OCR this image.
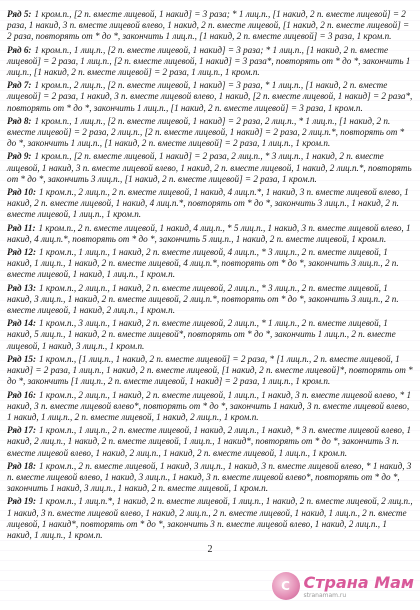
Ряд 5: 1 кром.п., [2 п. вместе лицевой, 1 накид] = 3 раза; * 1 лиц.п., [1 накид, 2 п. вместе лицевой] = 2 раза, 1 накид, 3 п. вместе лицевой влево, 1 накид, 2 п. вместе лицевой, [1 накид, 2 п. вместе лицевой] = 2 раза, повторять от * до *, закончить 1 лиц.п., [1 накид, 2 п. вместе лицевой] = 3 раза, 1 кром.п.
Ряд 6: 1 кром.п., 1 лиц.п., [2 п. вместе лицевой, 1 накид] = 3 раза; * 1 лиц.п., [1 накид, 2 п. вместе лицевой] = 2 раза, 1 лиц.п., [2 п. вместе лицевой, 1 накид] = 3 раза*, повторять от * до *, закончить 1 лиц.п., [1 накид, 2 п. вместе лицевой] = 2 раза, 1 лиц.п., 1 кром.п.
Ряд 7: 1 кром.п., 2 лиц.п., [2 п. вместе лицевой, 1 накид] = 3 раза, * 1 лиц.п., [1 накид, 2 п. вместе лицевой] = 2 раза, 1 накид, 3 п. вместе лицевой влево, 1 накид, [2 п. вместе лицевой, 1 накид] = 2 раза*, повторять от * до *, закончить 1 лиц.п., [1 накид, 2 п. вместе лицевой] = 3 раза, 1 кром.п.
Ряд 8: 1 кром.п., 1 лиц.п., [2 п. вместе лицевой, 1 накид] = 2 раза, 2 лиц.п., * 1 лиц.п., [1 накид, 2 п. вместе лицевой] = 2 раза, 2 лиц.п., [2 п. вместе лицевой, 1 накид] = 2 раза, 2 лиц.п.*, повторять от * до *, закончить 1 лиц.п., [1 накид, 2 п. вместе лицевой] = 2 раза, 1 лиц.п., 1 кром.п.
Ряд 9: 1 кром.п., [2 п. вместе лицевой, 1 накид] = 2 раза, 2 лиц.п., * 3 лиц.п., 1 накид, 2 п. вместе лицевой, 1 накид, 3 п. вместе лицевой влево, 1 накид, 2 п. вместе лицевой, 1 накид, 2 лиц.п.*, повторять от * до *, закончить 3 лиц.п., [1 накид, 2 п. вместе лицевой] = 2 раза, 1 кром.п.
Ряд 10: 1 кром.п., 2 лиц.п., 2 п. вместе лицевой, 1 накид, 4 лиц.п.*, 1 накид, 3 п. вместе лицевой влево, 1 накид, 2 п. вместе лицевой, 1 накид, 4 лиц.п.*, повторять от * до *, закончить 3 лиц.п., 1 накид, 2 п. вместе лицевой, 1 лиц.п., 1 кром.п.
Ряд 11: 1 кром.п., 2 п. вместе лицевой, 1 накид, 4 лиц.п., * 5 лиц.п., 1 накид, 3 п. вместе лицевой влево, 1 накид, 4 лиц.п.*, повторять от * до *, закончить 5 лиц.п., 1 накид, 2 п. вместе лицевой, 1 кром.п.
Ряд 12: 1 кром.п., 1 лиц.п., 1 накид, 2 п. вместе лицевой, 4 лиц.п., * 3 лиц.п., 2 п. вместе лицевой, 1 накид, 1 лиц.п., 1 накид, 2 п. вместе лицевой, 4 лиц.п.*, повторять от * до *, закончить 3 лиц.п., 2 п. вместе лицевой, 1 накид, 1 лиц.п., 1 кром.п.
Ряд 13: 1 кром.п., 2 лиц.п., 1 накид, 2 п. вместе лицевой, 2 лиц.п., * 3 лиц.п., 2 п. вместе лицевой, 1 накид, 3 лиц.п., 1 накид, 2 п. вместе лицевой, 2 лиц.п.*, повторять от * до *, закончить 3 лиц.п., 2 п. вместе лицевой, 1 накид, 2 лиц.п., 1 кром.п.
Ряд 14: 1 кром.п., 3 лиц.п., 1 накид, 2 п. вместе лицевой, 2 лиц.п., * 1 лиц.п., 2 п. вместе лицевой, 1 накид, 5 лиц.п., 1 накид, 2 п. вместе лицевой*, повторять от * до *, закончить 1 лиц.п., 2 п. вместе лицевой, 1 накид, 3 лиц.п., 1 кром.п.
Ряд 15: 1 кром.п., [1 лиц.п., 1 накид, 2 п. вместе лицевой] = 2 раза, * [1 лиц.п., 2 п. вместе лицевой, 1 накид] = 2 раза, 1 лиц.п., 1 накид, 2 п. вместе лицевой, [1 накид, 2 п. вместе лицевой]*, повторять от * до *, закончить [1 лиц.п., 2 п. вместе лицевой, 1 накид] = 2 раза, 1 лиц.п., 1 кром.п.
Ряд 16: 1 кром.п., 2 лиц.п., 1 накид, 2 п. вместе лицевой, 1 лиц.п., 1 накид, 3 п. вместе лицевой влево, * 1 накид, 3 п. вместе лицевой влево*, повторять от * до *, закончить 1 накид, 3 п. вместе лицевой влево, 1 накид, 1 лиц.п., 2 п. вместе лицевой, 1 накид, 2 лиц.п., 1 кром.п.
Ряд 17: 1 кром.п., 1 лиц.п., 2 п. вместе лицевой, 1 накид, 2 лиц.п., 1 накид, * 3 п. вместе лицевой влево, 1 накид, 2 лиц.п., 1 накид, 2 п. вместе лицевой, 1 лиц.п., 1 накид*, повторять от * до *, закончить 3 п. вместе лицевой влево, 1 накид, 2 лиц.п., 1 накид, 2 п. вместе лицевой, 1 лиц.п., 1 кром.п.
Ряд 18: 1 кром.п., 2 п. вместе лицевой, 1 накид, 3 лиц.п., 1 накид, 3 п. вместе лицевой влево, * 1 накид, 3 п. вместе лицевой влево, 1 накид, 3 лиц.п., 1 накид, 3 п. вместе лицевой влево*, повторять от * до *, закончить 1 накид, 3 лиц.п., 1 накид, 2 п. вместе лицевой, 1 кром.п.
Ряд 19: 1 кром.п., 1 лиц.п.*, 1 накид, 2 п. вместе лицевой, 1 лиц.п., 1 накид, 2 п. вместе лицевой, 2 лиц.п., 1 накид, 3 п. вместе лицевой влево, 1 накид, 2 лиц.п., 2 п. вместе лицевой, 1 накид, 1 лиц.п., 2 п. вместе лицевой, 1 накид*, повторять от * до *, закончить 3 п. вместе лицевой влево, 1 накид, 2 лиц.п., 1 накид, 1 лиц.п., 1 кром.п.
2
С Страна Мам
stranamam.ru
